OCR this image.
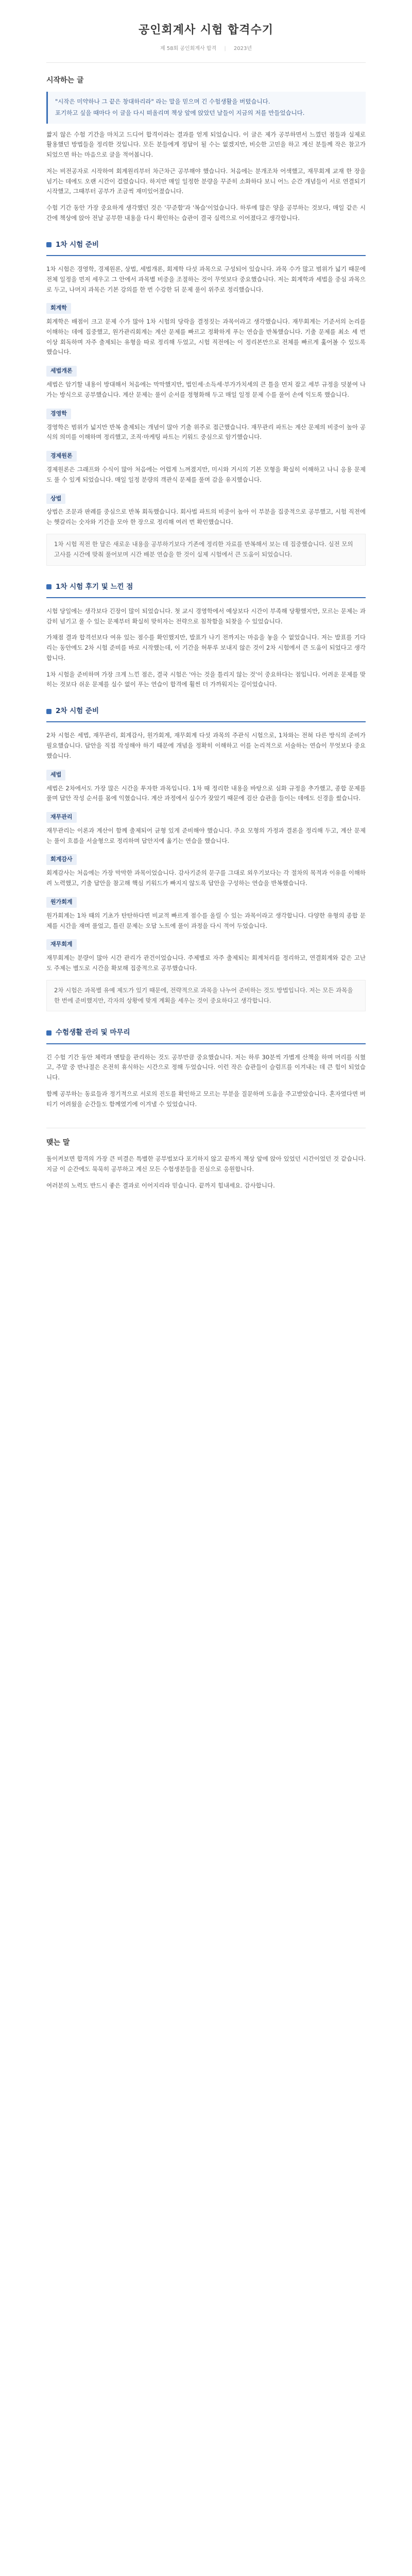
공인회계사 시험 합격수기
제 58회 공인회계사 합격 | 2023년
시작하는 글

"시작은 미약하나 그 끝은 창대하리라" 라는 말을 믿으며 긴 수험생활을 버텼습니다.

포기하고 싶을 때마다 이 글을 다시 떠올리며 책상 앞에 앉았던 날들이 지금의 저를 만들었습니다.

짧지 않은 수험 기간을 마치고 드디어 합격이라는 결과를 얻게 되었습니다. 이 글은 제가 공부하면서 느꼈던 점들과 실제로 활용했던 방법들을 정리한 것입니다. 모든 분들에게 정답이 될 수는 없겠지만, 비슷한 고민을 하고 계신 분들께 작은 참고가 되었으면 하는 마음으로 글을 적어봅니다.

저는 비전공자로 시작하여 회계원리부터 차근차근 공부해야 했습니다. 처음에는 분개조차 어색했고, 재무회계 교재 한 장을 넘기는 데에도 오랜 시간이 걸렸습니다. 하지만 매일 일정한 분량을 꾸준히 소화하다 보니 어느 순간 개념들이 서로 연결되기 시작했고, 그때부터 공부가 조금씩 재미있어졌습니다.

수험 기간 동안 가장 중요하게 생각했던 것은 '꾸준함'과 '복습'이었습니다. 하루에 많은 양을 공부하는 것보다, 매일 같은 시간에 책상에 앉아 전날 공부한 내용을 다시 확인하는 습관이 결국 실력으로 이어졌다고 생각합니다.

1차 시험 준비

1차 시험은 경영학, 경제원론, 상법, 세법개론, 회계학 다섯 과목으로 구성되어 있습니다. 과목 수가 많고 범위가 넓기 때문에 전체 일정을 먼저 세우고 그 안에서 과목별 비중을 조절하는 것이 무엇보다 중요했습니다. 저는 회계학과 세법을 중심 과목으로 두고, 나머지 과목은 기본 강의를 한 번 수강한 뒤 문제 풀이 위주로 정리했습니다.

회계학

회계학은 배점이 크고 문제 수가 많아 1차 시험의 당락을 결정짓는 과목이라고 생각했습니다. 재무회계는 기준서의 논리를 이해하는 데에 집중했고, 원가관리회계는 계산 문제를 빠르고 정확하게 푸는 연습을 반복했습니다. 기출 문제를 최소 세 번 이상 회독하며 자주 출제되는 유형을 따로 정리해 두었고, 시험 직전에는 이 정리본만으로 전체를 빠르게 훑어볼 수 있도록 했습니다.

세법개론

세법은 암기할 내용이 방대해서 처음에는 막막했지만, 법인세·소득세·부가가치세의 큰 틀을 먼저 잡고 세부 규정을 덧붙여 나가는 방식으로 공부했습니다. 계산 문제는 풀이 순서를 정형화해 두고 매일 일정 문제 수를 풀어 손에 익도록 했습니다.

경영학

경영학은 범위가 넓지만 반복 출제되는 개념이 많아 기출 위주로 접근했습니다. 재무관리 파트는 계산 문제의 비중이 높아 공식의 의미를 이해하며 정리했고, 조직·마케팅 파트는 키워드 중심으로 암기했습니다.

경제원론

경제원론은 그래프와 수식이 많아 처음에는 어렵게 느껴졌지만, 미시와 거시의 기본 모형을 확실히 이해하고 나니 응용 문제도 풀 수 있게 되었습니다. 매일 일정 분량의 객관식 문제를 풀며 감을 유지했습니다.

상법

상법은 조문과 판례를 중심으로 반복 회독했습니다. 회사법 파트의 비중이 높아 이 부분을 집중적으로 공부했고, 시험 직전에는 헷갈리는 숫자와 기간을 모아 한 장으로 정리해 여러 번 확인했습니다.

1차 시험 직전 한 달은 새로운 내용을 공부하기보다 기존에 정리한 자료를 반복해서 보는 데 집중했습니다. 실전 모의고사를 시간에 맞춰 풀어보며 시간 배분 연습을 한 것이 실제 시험에서 큰 도움이 되었습니다.
1차 시험 후기 및 느낀 점

시험 당일에는 생각보다 긴장이 많이 되었습니다. 첫 교시 경영학에서 예상보다 시간이 부족해 당황했지만, 모르는 문제는 과감히 넘기고 풀 수 있는 문제부터 확실히 맞히자는 전략으로 침착함을 되찾을 수 있었습니다.

가채점 결과 합격선보다 여유 있는 점수를 확인했지만, 발표가 나기 전까지는 마음을 놓을 수 없었습니다. 저는 발표를 기다리는 동안에도 2차 시험 준비를 바로 시작했는데, 이 기간을 허투루 보내지 않은 것이 2차 시험에서 큰 도움이 되었다고 생각합니다.

1차 시험을 준비하며 가장 크게 느낀 점은, 결국 시험은 '아는 것을 틀리지 않는 것'이 중요하다는 점입니다. 어려운 문제를 맞히는 것보다 쉬운 문제를 실수 없이 푸는 연습이 합격에 훨씬 더 가까워지는 길이었습니다.

2차 시험 준비

2차 시험은 세법, 재무관리, 회계감사, 원가회계, 재무회계 다섯 과목의 주관식 시험으로, 1차와는 전혀 다른 방식의 준비가 필요했습니다. 답안을 직접 작성해야 하기 때문에 개념을 정확히 이해하고 이를 논리적으로 서술하는 연습이 무엇보다 중요했습니다.

세법

세법은 2차에서도 가장 많은 시간을 투자한 과목입니다. 1차 때 정리한 내용을 바탕으로 심화 규정을 추가했고, 종합 문제를 풀며 답안 작성 순서를 몸에 익혔습니다. 계산 과정에서 실수가 잦았기 때문에 검산 습관을 들이는 데에도 신경을 썼습니다.

재무관리

재무관리는 이론과 계산이 함께 출제되어 균형 있게 준비해야 했습니다. 주요 모형의 가정과 결론을 정리해 두고, 계산 문제는 풀이 흐름을 서술형으로 정리하며 답안지에 옮기는 연습을 했습니다.

회계감사

회계감사는 처음에는 가장 막막한 과목이었습니다. 감사기준의 문구를 그대로 외우기보다는 각 절차의 목적과 이유를 이해하려 노력했고, 기출 답안을 참고해 핵심 키워드가 빠지지 않도록 답안을 구성하는 연습을 반복했습니다.

원가회계

원가회계는 1차 때의 기초가 탄탄하다면 비교적 빠르게 점수를 올릴 수 있는 과목이라고 생각합니다. 다양한 유형의 종합 문제를 시간을 재며 풀었고, 틀린 문제는 오답 노트에 풀이 과정을 다시 적어 두었습니다.

재무회계

재무회계는 분량이 많아 시간 관리가 관건이었습니다. 주제별로 자주 출제되는 회계처리를 정리하고, 연결회계와 같은 고난도 주제는 별도로 시간을 확보해 집중적으로 공부했습니다.

2차 시험은 과목별 유예 제도가 있기 때문에, 전략적으로 과목을 나누어 준비하는 것도 방법입니다. 저는 모든 과목을 한 번에 준비했지만, 각자의 상황에 맞게 계획을 세우는 것이 중요하다고 생각합니다.
수험생활 관리 및 마무리

긴 수험 기간 동안 체력과 멘탈을 관리하는 것도 공부만큼 중요했습니다. 저는 하루 30분씩 가볍게 산책을 하며 머리를 식혔고, 주말 중 반나절은 온전히 휴식하는 시간으로 정해 두었습니다. 이런 작은 습관들이 슬럼프를 이겨내는 데 큰 힘이 되었습니다.

함께 공부하는 동료들과 정기적으로 서로의 진도를 확인하고 모르는 부분을 질문하며 도움을 주고받았습니다. 혼자였다면 버티기 어려웠을 순간들도 함께였기에 이겨낼 수 있었습니다.

맺는 말

돌이켜보면 합격의 가장 큰 비결은 특별한 공부법보다 포기하지 않고 끝까지 책상 앞에 앉아 있었던 시간이었던 것 같습니다. 지금 이 순간에도 묵묵히 공부하고 계신 모든 수험생분들을 진심으로 응원합니다.

여러분의 노력도 반드시 좋은 결과로 이어지리라 믿습니다. 끝까지 힘내세요. 감사합니다.
